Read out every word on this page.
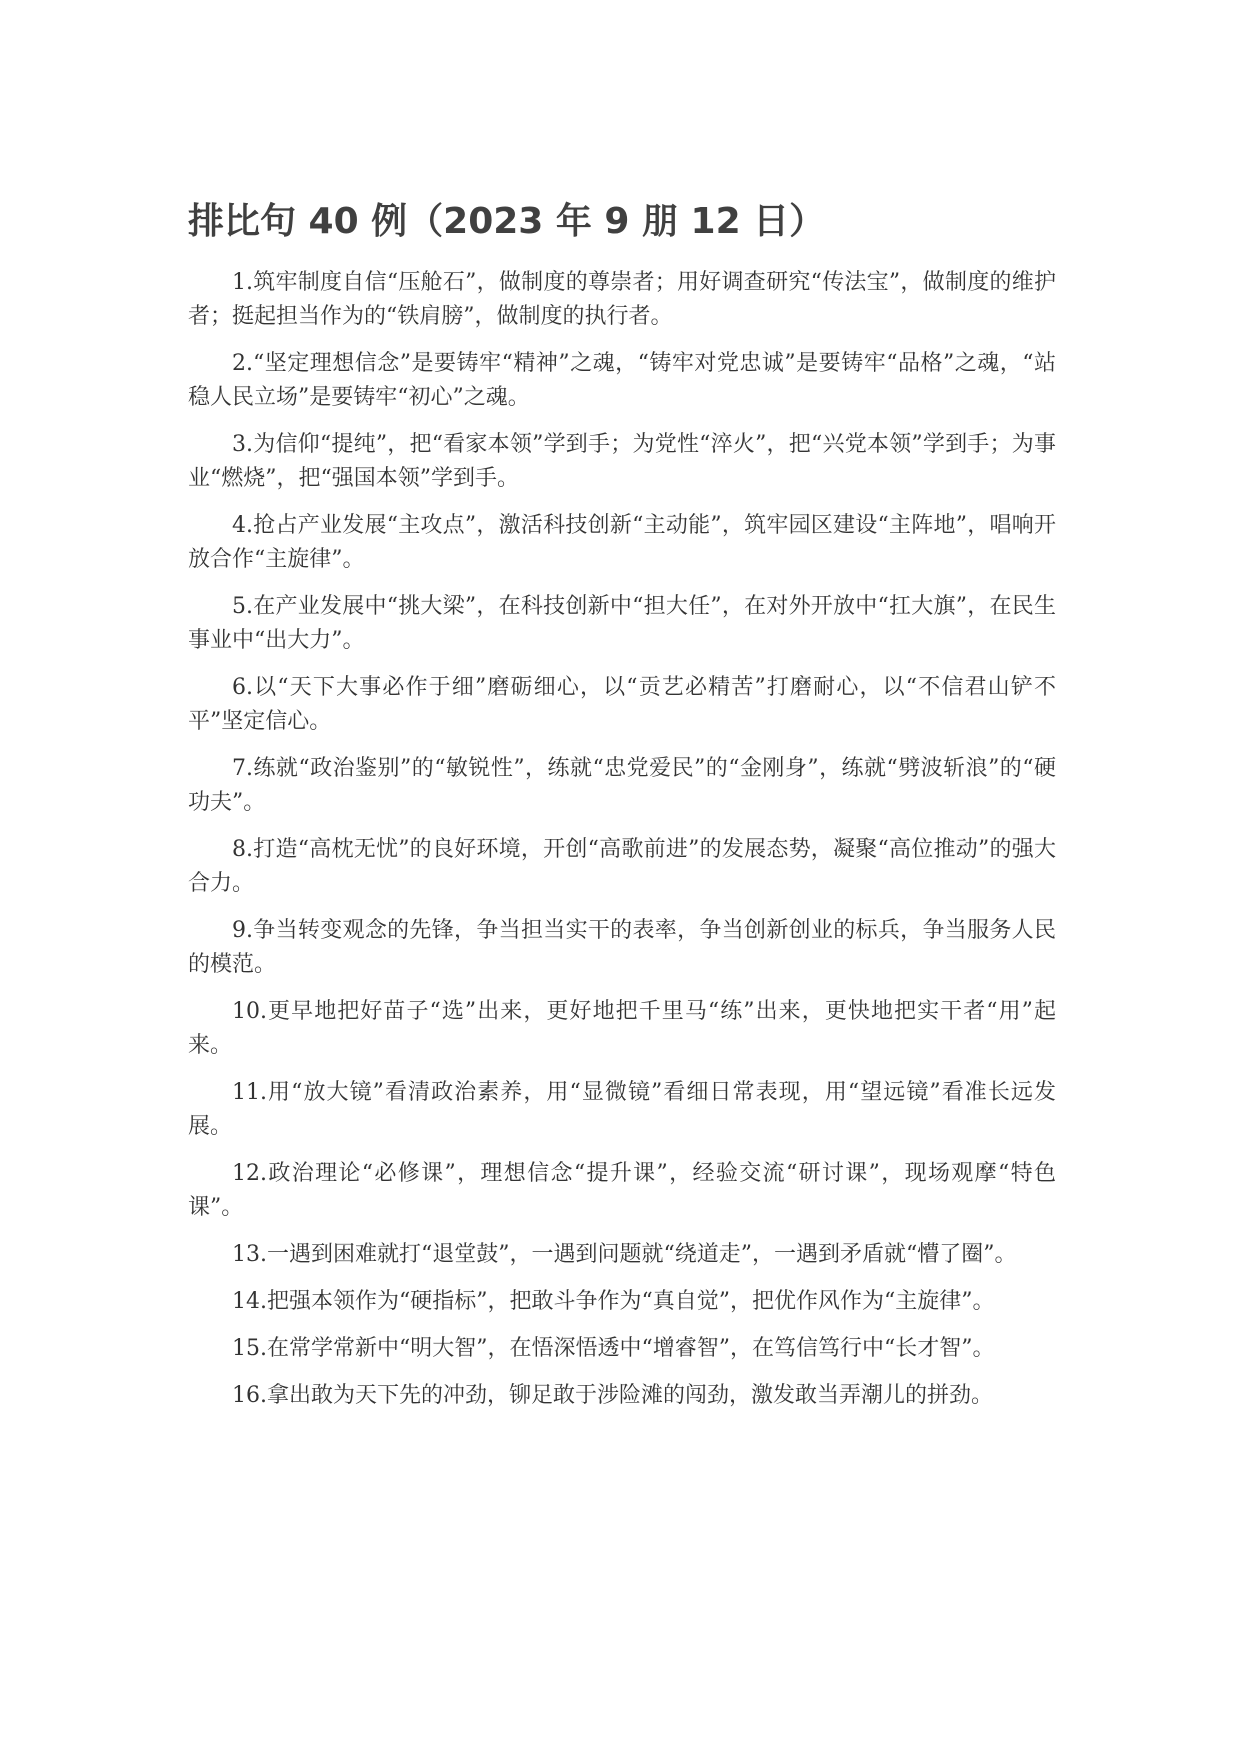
排比句 40 例（2023 年 9 朋 12 日）

1.筑牢制度自信“压舱石”，做制度的尊崇者；用好调查研究“传法宝”，做制度的维护者；挺起担当作为的“铁肩膀”，做制度的执行者。

2.“坚定理想信念”是要铸牢“精神”之魂，“铸牢对党忠诚”是要铸牢“品格”之魂，“站稳人民立场”是要铸牢“初心”之魂。

3.为信仰“提纯”，把“看家本领”学到手；为党性“淬火”，把“兴党本领”学到手；为事业“燃烧”，把“强国本领”学到手。

4.抢占产业发展“主攻点”，激活科技创新“主动能”，筑牢园区建设“主阵地”，唱响开放合作“主旋律”。

5.在产业发展中“挑大梁”，在科技创新中“担大任”，在对外开放中“扛大旗”，在民生事业中“出大力”。

6.以“天下大事必作于细”磨砺细心，以“贡艺必精苦”打磨耐心，以“不信君山铲不平”坚定信心。

7.练就“政治鉴别”的“敏锐性”，练就“忠党爱民”的“金刚身”，练就“劈波斩浪”的“硬功夫”。

8.打造“高枕无忧”的良好环境，开创“高歌前进”的发展态势，凝聚“高位推动”的强大合力。

9.争当转变观念的先锋，争当担当实干的表率，争当创新创业的标兵，争当服务人民的模范。

10.更早地把好苗子“选”出来，更好地把千里马“练”出来，更快地把实干者“用”起来。

11.用“放大镜”看清政治素养，用“显微镜”看细日常表现，用“望远镜”看准长远发展。

12.政治理论“必修课”，理想信念“提升课”，经验交流“研讨课”，现场观摩“特色课”。

13.一遇到困难就打“退堂鼓”，一遇到问题就“绕道走”，一遇到矛盾就“懵了圈”。

14.把强本领作为“硬指标”，把敢斗争作为“真自觉”，把优作风作为“主旋律”。

15.在常学常新中“明大智”，在悟深悟透中“增睿智”，在笃信笃行中“长才智”。

16.拿出敢为天下先的冲劲，铆足敢于涉险滩的闯劲，激发敢当弄潮儿的拼劲。
